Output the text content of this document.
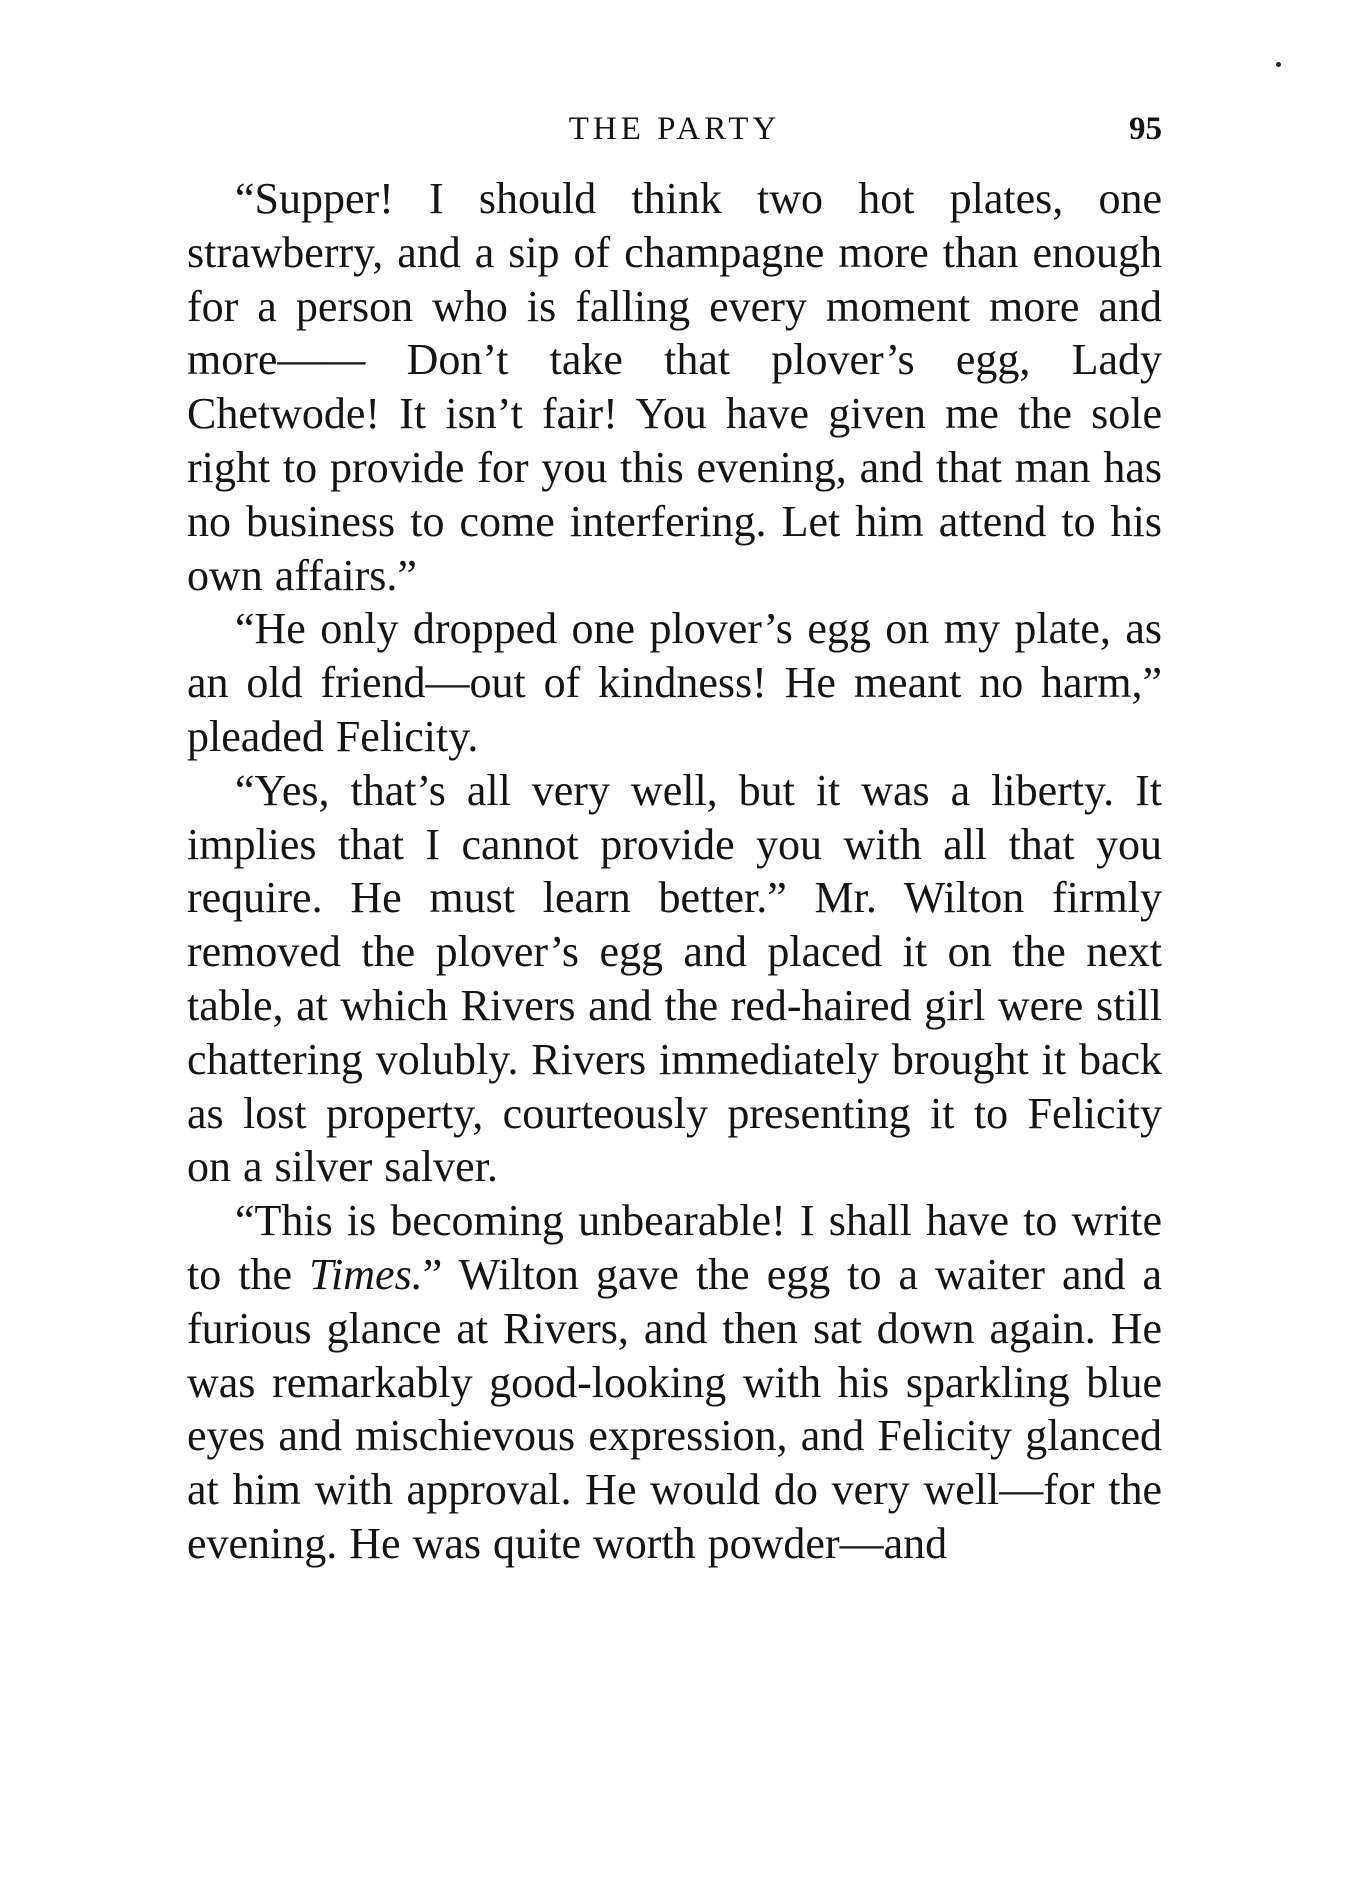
THE PARTY	95

“Supper! I should think two hot plates, one strawberry, and a sip of champagne more than enough for a person who is falling every moment more and more—— Don’t take that plover’s egg, Lady Chetwode! It isn’t fair! You have given me the sole right to provide for you this evening, and that man has no business to come interfering. Let him attend to his own affairs.”

“He only dropped one plover’s egg on my plate, as an old friend—out of kindness! He meant no harm,” pleaded Felicity.

“Yes, that’s all very well, but it was a liberty. It implies that I cannot provide you with all that you require. He must learn better.” Mr. Wilton firmly removed the plover’s egg and placed it on the next table, at which Rivers and the red-haired girl were still chattering volubly. Rivers immediately brought it back as lost property, courteously presenting it to Felicity on a silver salver.

“This is becoming unbearable! I shall have to write to the Times.” Wilton gave the egg to a waiter and a furious glance at Rivers, and then sat down again. He was remarkably good-looking with his sparkling blue eyes and mischievous expression, and Felicity glanced at him with approval. He would do very well—for the evening. He was quite worth powder—and
